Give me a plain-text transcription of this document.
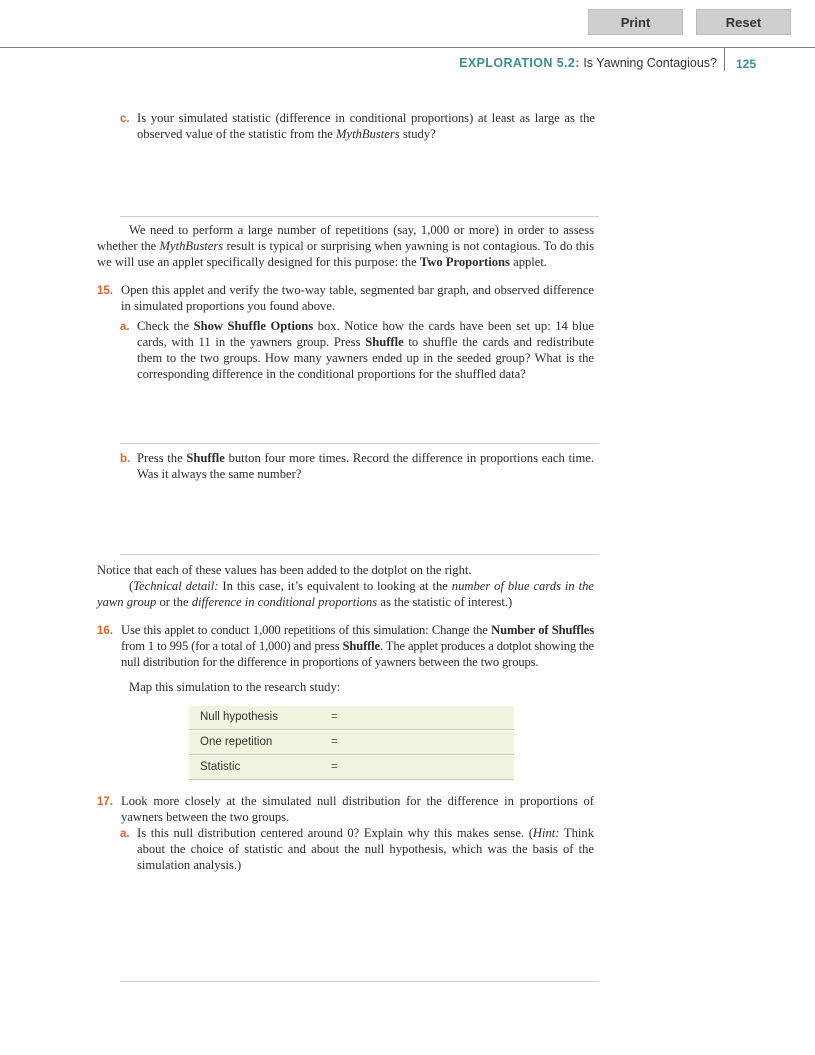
Print	Reset
EXPLORATION 5.2: Is Yawning Contagious? 125
c. Is your simulated statistic (difference in conditional proportions) at least as large as the observed value of the statistic from the MythBusters study?
We need to perform a large number of repetitions (say, 1,000 or more) in order to assess whether the MythBusters result is typical or surprising when yawning is not contagious. To do this we will use an applet specifically designed for this purpose: the Two Proportions applet.
15. Open this applet and verify the two-way table, segmented bar graph, and observed difference in simulated proportions you found above.
a. Check the Show Shuffle Options box. Notice how the cards have been set up: 14 blue cards, with 11 in the yawners group. Press Shuffle to shuffle the cards and redistribute them to the two groups. How many yawners ended up in the seeded group? What is the corresponding difference in the conditional proportions for the shuffled data?
b. Press the Shuffle button four more times. Record the difference in proportions each time. Was it always the same number?
Notice that each of these values has been added to the dotplot on the right.
(Technical detail: In this case, it’s equivalent to looking at the number of blue cards in the yawn group or the difference in conditional proportions as the statistic of interest.)
16. Use this applet to conduct 1,000 repetitions of this simulation: Change the Number of Shuffles from 1 to 995 (for a total of 1,000) and press Shuffle. The applet produces a dotplot showing the null distribution for the difference in proportions of yawners between the two groups.
Map this simulation to the research study:
Null hypothesis	=
One repetition	=
Statistic	=
17. Look more closely at the simulated null distribution for the difference in proportions of yawners between the two groups.
a. Is this null distribution centered around 0? Explain why this makes sense. (Hint: Think about the choice of statistic and about the null hypothesis, which was the basis of the simulation analysis.)
